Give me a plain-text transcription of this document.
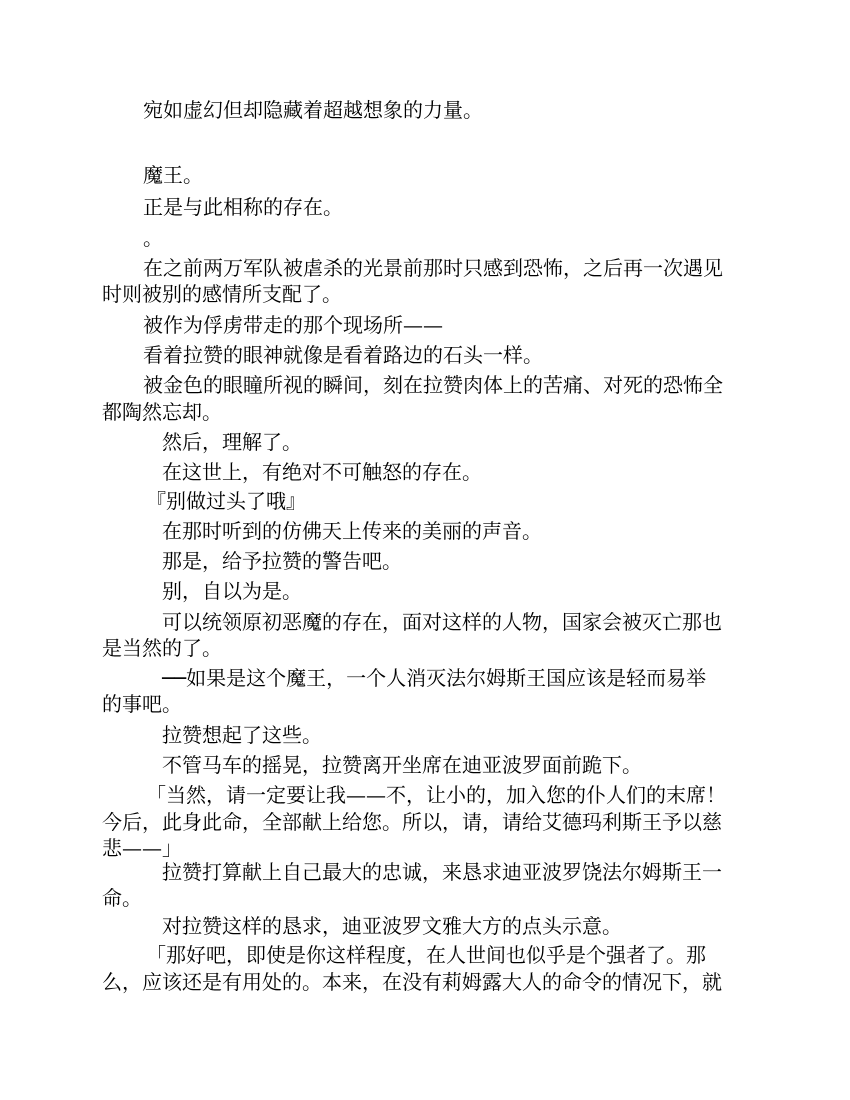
宛如虚幻但却隐藏着超越想象的力量。

魔王。

正是与此相称的存在。

。

在之前两万军队被虐杀的光景前那时只感到恐怖，之后再一次遇见

时则被别的感情所支配了。

被作为俘虏带走的那个现场所——

看着拉赞的眼神就像是看着路边的石头一样。

被金色的眼瞳所视的瞬间，刻在拉赞肉体上的苦痛、对死的恐怖全

都陶然忘却。

然后，理解了。

在这世上，有绝对不可触怒的存在。

『别做过头了哦』

在那时听到的仿佛天上传来的美丽的声音。

那是，给予拉赞的警告吧。

别，自以为是。

可以统领原初恶魔的存在，面对这样的人物，国家会被灭亡那也

是当然的了。

──如果是这个魔王，一个人消灭法尔姆斯王国应该是轻而易举

的事吧。

拉赞想起了这些。

不管马车的摇晃，拉赞离开坐席在迪亚波罗面前跪下。

「当然，请一定要让我——不，让小的，加入您的仆人们的末席！

今后，此身此命，全部献上给您。所以，请，请给艾德玛利斯王予以慈

悲——」

拉赞打算献上自己最大的忠诚，来恳求迪亚波罗饶法尔姆斯王一

命。

对拉赞这样的恳求，迪亚波罗文雅大方的点头示意。

「那好吧，即使是你这样程度，在人世间也似乎是个强者了。那

么，应该还是有用处的。本来，在没有莉姆露大人的命令的情况下，就
